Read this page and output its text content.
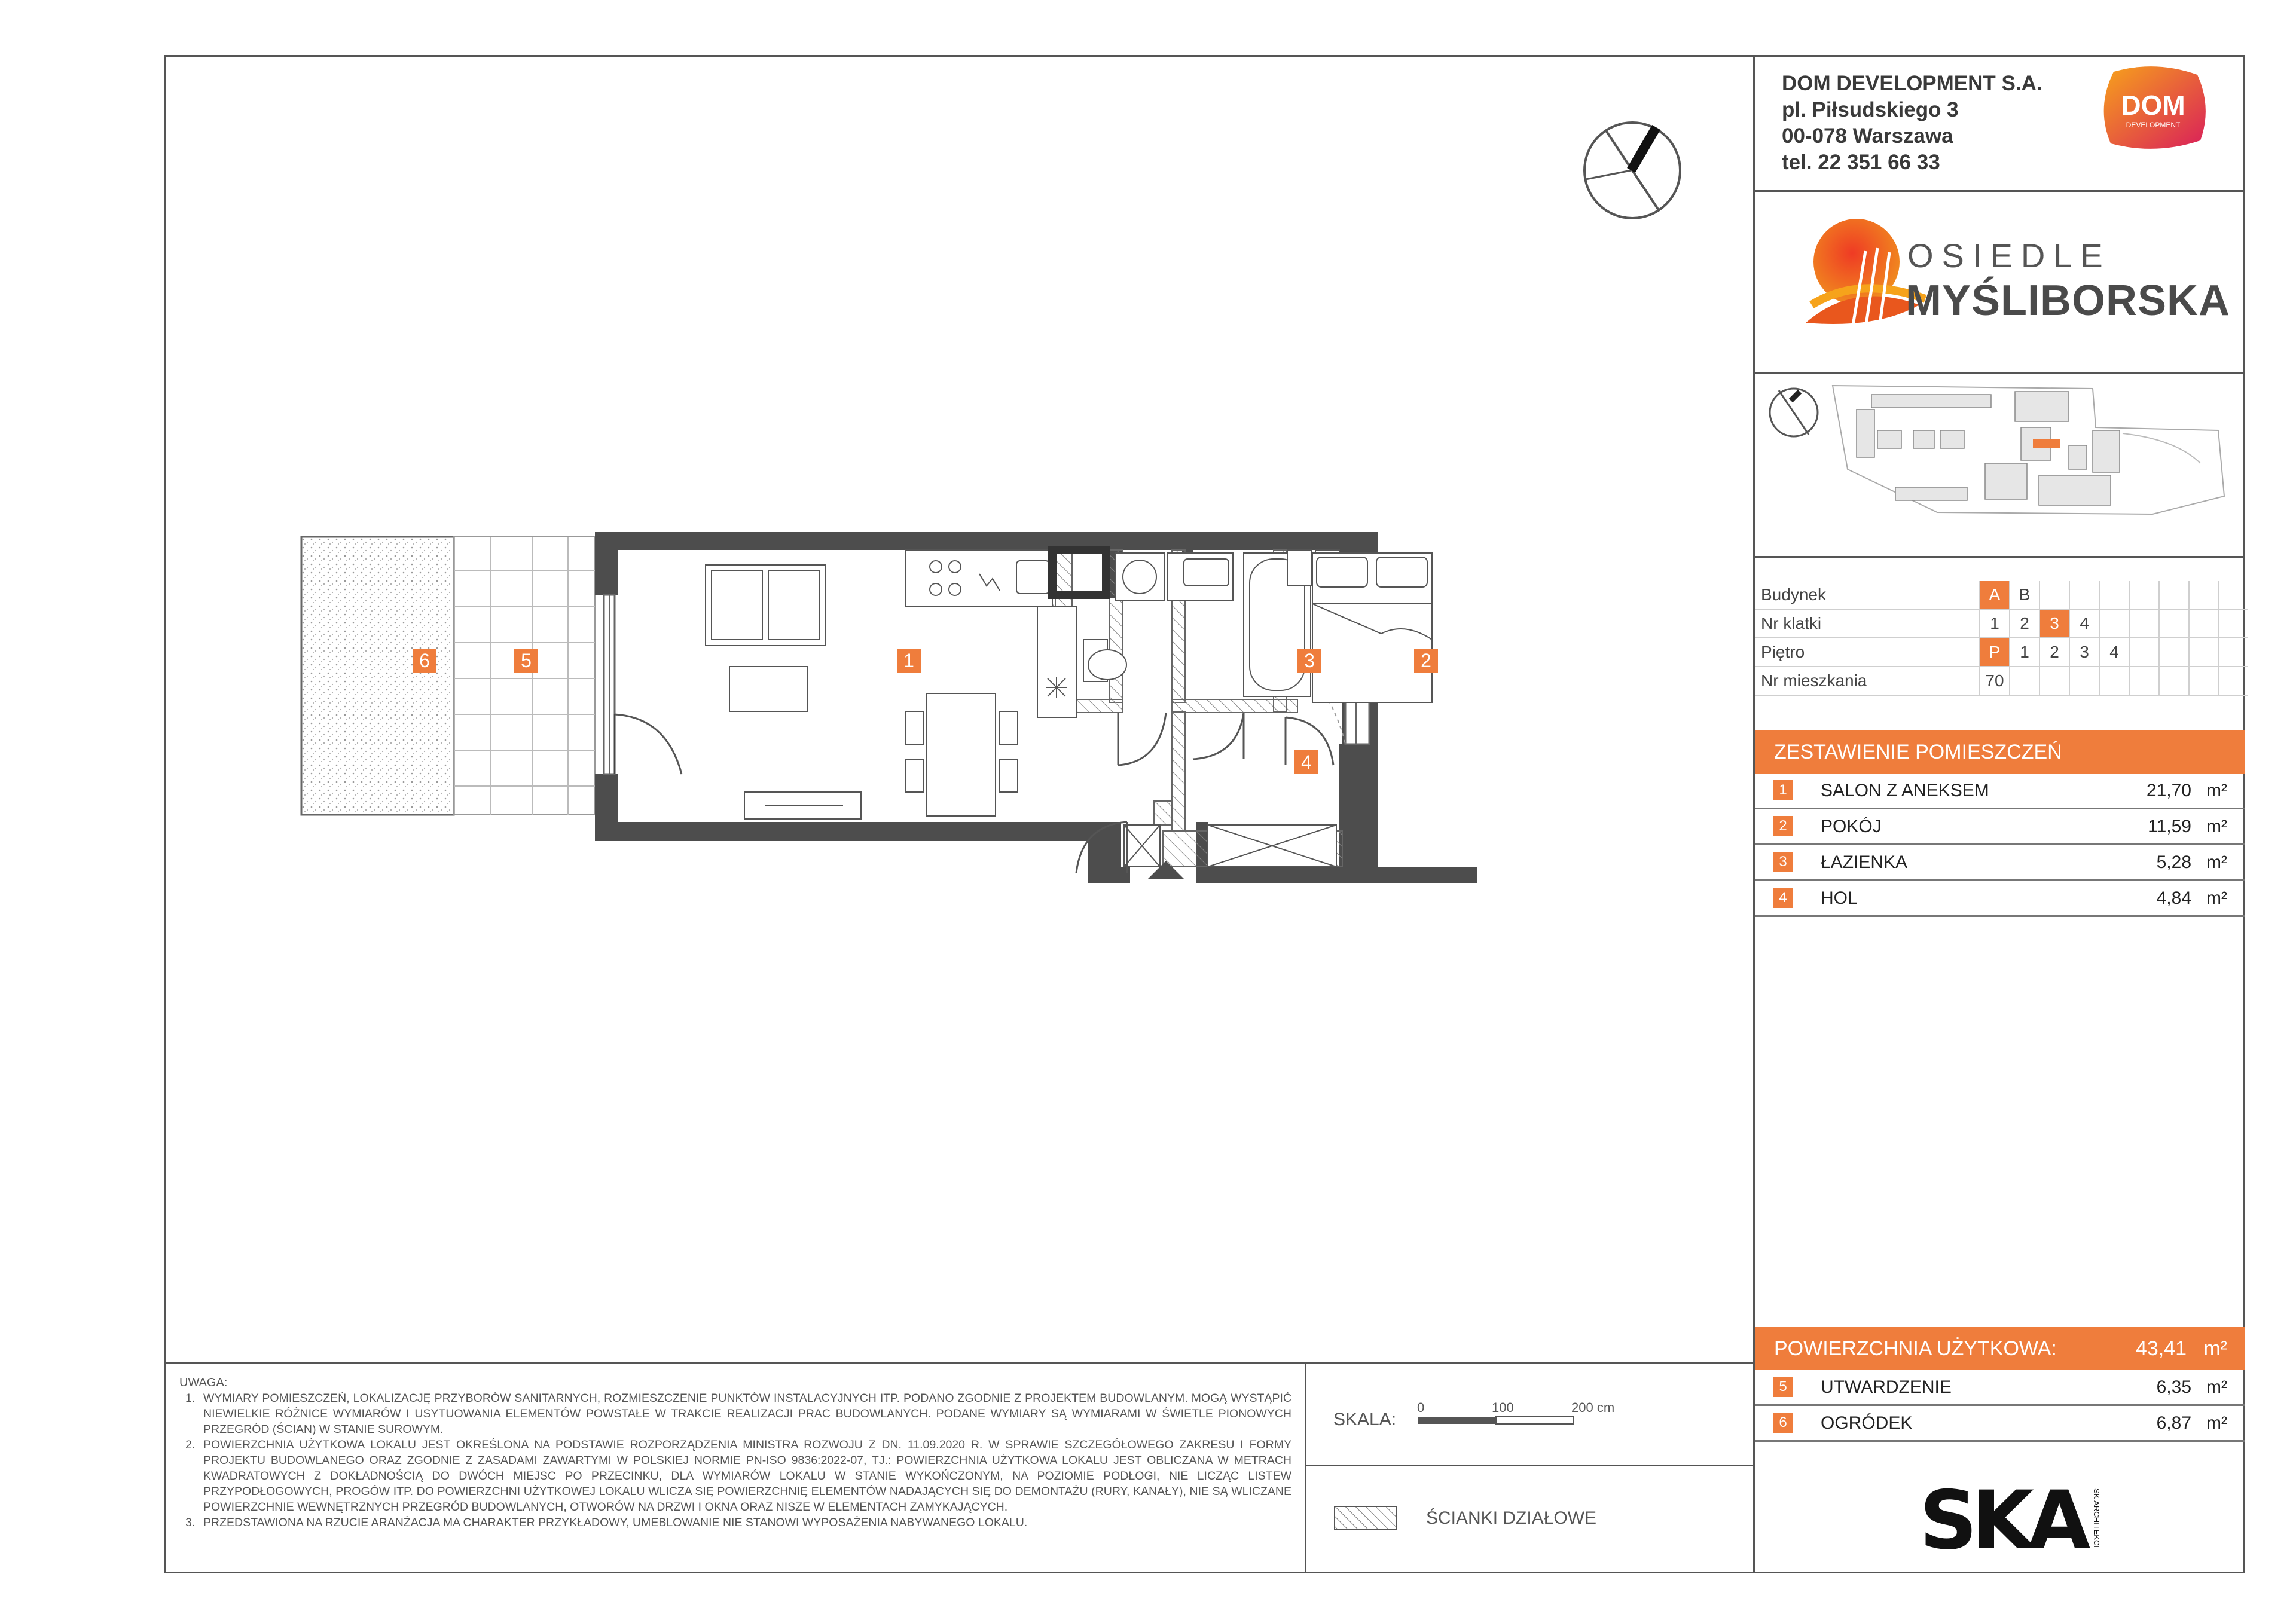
DOM DEVELOPMENT S.A.
pl. Piłsudskiego 3
00-078 Warszawa
tel. 22 351 66 33
DOM
DEVELOPMENT
OSIEDLE
MYŚLIBORSKA
Budynek	A	B							
Nr klatki	1	2	3	4					
Piętro	P	1	2	3	4				
Nr mieszkania	70								
ZESTAWIENIE POMIESZCZEŃ
1	SALON Z ANEKSEM	21,70 m²
2	POKÓJ	11,59 m²
3	ŁAZIENKA	5,28 m²
4	HOL	4,84 m²
POWIERZCHNIA UŻYTKOWA:	43,41 m²
5	UTWARDZENIE	6,35 m²
6	OGRÓDEK	6,87 m²
UWAGA:
1. WYMIARY POMIESZCZEŃ, LOKALIZACJĘ PRZYBORÓW SANITARNYCH, ROZMIESZCZENIE PUNKTÓW INSTALACYJNYCH ITP. PODANO ZGODNIE Z PROJEKTEM BUDOWLANYM. MOGĄ WYSTĄPIĆ NIEWIELKIE RÓŻNICE WYMIARÓW I USYTUOWANIA ELEMENTÓW POWSTAŁE W TRAKCIE REALIZACJI PRAC BUDOWLANYCH. PODANE WYMIARY SĄ WYMIARAMI W ŚWIETLE PIONOWYCH PRZEGRÓD (ŚCIAN) W STANIE SUROWYM.
2. POWIERZCHNIA UŻYTKOWA LOKALU JEST OKREŚLONA NA PODSTAWIE ROZPORZĄDZENIA MINISTRA ROZWOJU Z DN. 11.09.2020 R. W SPRAWIE SZCZEGÓŁOWEGO ZAKRESU I FORMY PROJEKTU BUDOWLANEGO ORAZ ZGODNIE Z ZASADAMI ZAWARTYMI W POLSKIEJ NORMIE PN-ISO 9836:2022-07, TJ.: POWIERZCHNIA UŻYTKOWA LOKALU JEST OBLICZANA W METRACH KWADRATOWYCH Z DOKŁADNOŚCIĄ DO DWÓCH MIEJSC PO PRZECINKU, DLA WYMIARÓW LOKALU W STANIE WYKOŃCZONYM, NA POZIOMIE PODŁOGI, NIE LICZĄC LISTEW PRZYPODŁOGOWYCH, PROGÓW ITP. DO POWIERZCHNI UŻYTKOWEJ LOKALU WLICZA SIĘ POWIERZCHNIĘ ELEMENTÓW NADAJĄCYCH SIĘ DO DEMONTAŻU (RURY, KANAŁY), NIE SĄ WLICZANE POWIERZCHNIE WEWNĘTRZNYCH PRZEGRÓD BUDOWLANYCH, OTWORÓW NA DRZWI I OKNA ORAZ NISZE W ELEMENTACH ZAMYKAJĄCYCH.
3. PRZEDSTAWIONA NA RZUCIE ARANŻACJA MA CHARAKTER PRZYKŁADOWY, UMEBLOWANIE NIE STANOWI WYPOSAŻENIA NABYWANEGO LOKALU.
SKALA:
0	100	200 cm
ŚCIANKI DZIAŁOWE	SKA SK ARCHITEKCI
1	2
3
4
5
6
